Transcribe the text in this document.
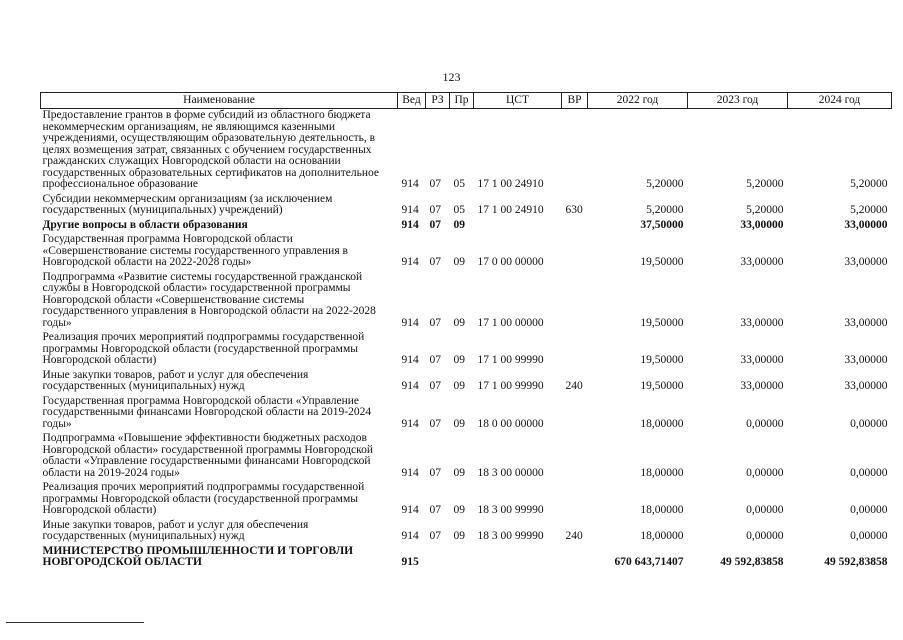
123
Наименование	Вед	РЗ	Пр	ЦСТ	ВР	2022 год	2023 год	2024 год
Предоставление грантов в форме субсидий из областного бюджета некоммерческим организациям, не являющимся казенными учреждениями, осуществляющим образовательную деятельность, в целях возмещения затрат, связанных с обучением государственных гражданских служащих Новгородской области на основании государственных образовательных сертификатов на дополнительное профессиональное образование	914	07	05	17 1 00 24910		5,20000	5,20000	5,20000
Субсидии некоммерческим организациям (за исключением государственных (муниципальных) учреждений)	914	07	05	17 1 00 24910	630	5,20000	5,20000	5,20000
Другие вопросы в области образования	914	07	09			37,50000	33,00000	33,00000
Государственная программа Новгородской области «Совершенствование системы государственного управления в Новгородской области на 2022-2028 годы»	914	07	09	17 0 00 00000		19,50000	33,00000	33,00000
Подпрограмма «Развитие системы государственной гражданской службы в Новгородской области» государственной программы Новгородской области «Совершенствование системы государственного управления в Новгородской области на 2022-2028 годы»	914	07	09	17 1 00 00000		19,50000	33,00000	33,00000
Реализация прочих мероприятий подпрограммы государственной программы Новгородской области (государственной программы Новгородской области)	914	07	09	17 1 00 99990		19,50000	33,00000	33,00000
Иные закупки товаров, работ и услуг для обеспечения государственных (муниципальных) нужд	914	07	09	17 1 00 99990	240	19,50000	33,00000	33,00000
Государственная программа Новгородской области «Управление государственными финансами Новгородской области на 2019-2024 годы»	914	07	09	18 0 00 00000		18,00000	0,00000	0,00000
Подпрограмма «Повышение эффективности бюджетных расходов Новгородской области» государственной программы Новгородской области «Управление государственными финансами Новгородской области на 2019-2024 годы»	914	07	09	18 3 00 00000		18,00000	0,00000	0,00000
Реализация прочих мероприятий подпрограммы государственной программы Новгородской области (государственной программы Новгородской области)	914	07	09	18 3 00 99990		18,00000	0,00000	0,00000
Иные закупки товаров, работ и услуг для обеспечения государственных (муниципальных) нужд	914	07	09	18 3 00 99990	240	18,00000	0,00000	0,00000
МИНИСТЕРСТВО ПРОМЫШЛЕННОСТИ И ТОРГОВЛИ НОВГОРОДСКОЙ ОБЛАСТИ	915					670 643,71407	49 592,83858	49 592,83858
